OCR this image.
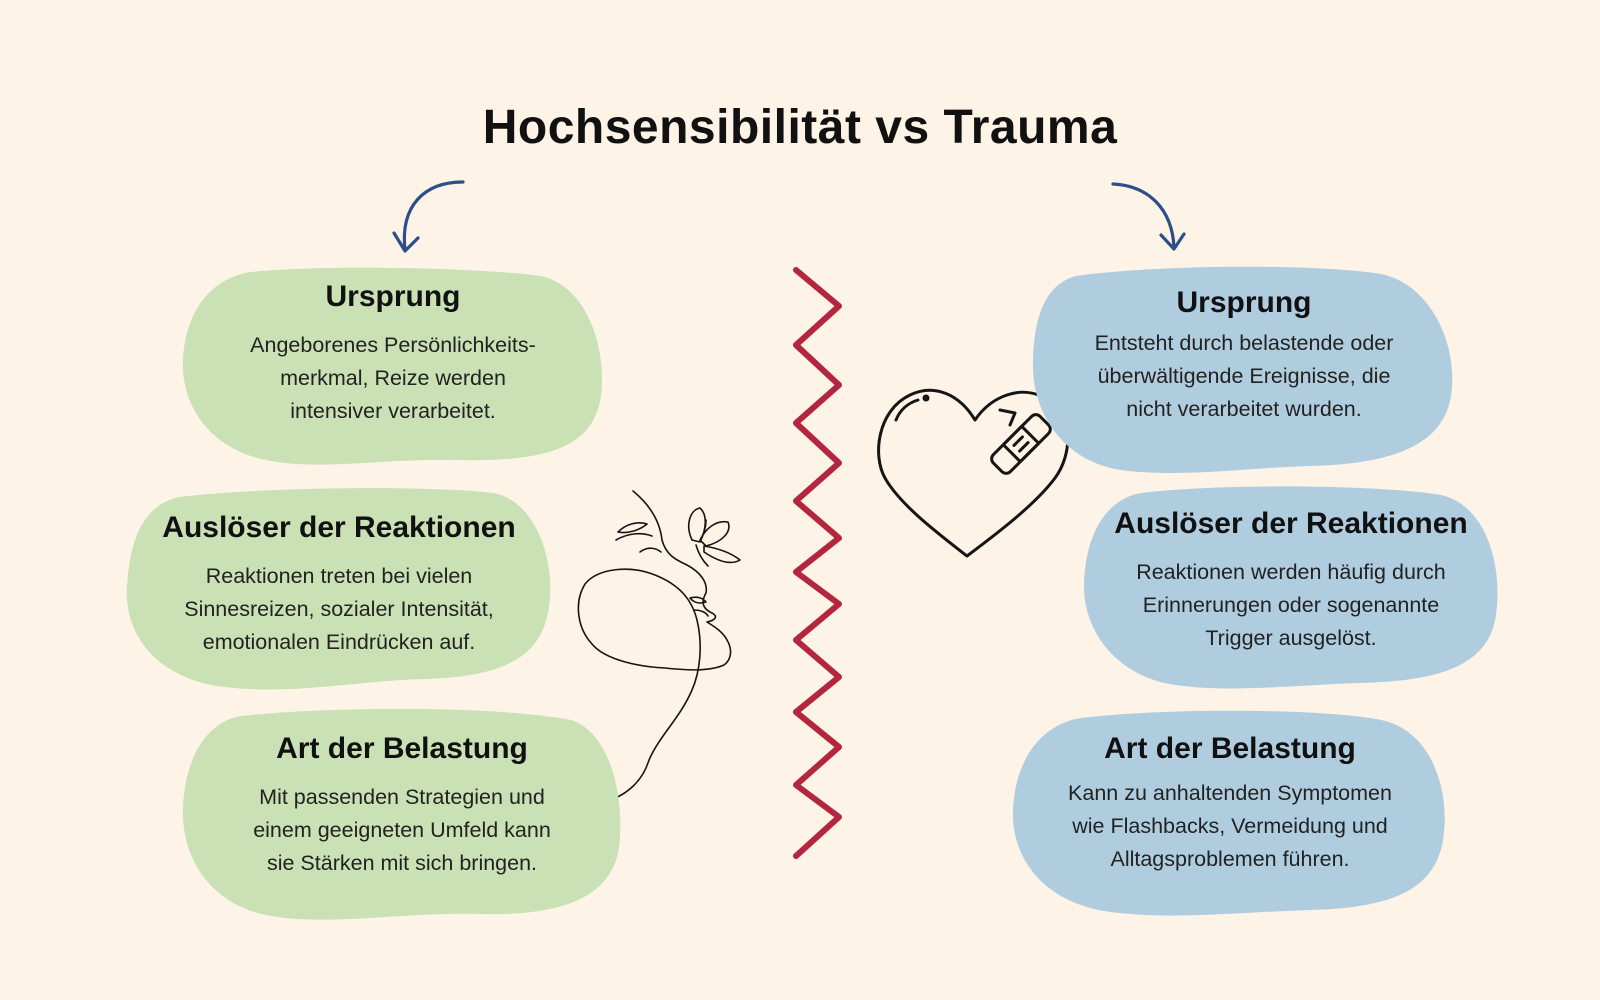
Hochsensibilität vs Trauma
Ursprung
Angeborenes Persönlichkeits-
merkmal, Reize werden
intensiver verarbeitet.
Auslöser der Reaktionen
Reaktionen treten bei vielen
Sinnesreizen, sozialer Intensität,
emotionalen Eindrücken auf.
Art der Belastung
Mit passenden Strategien und
einem geeigneten Umfeld kann
sie Stärken mit sich bringen.
Ursprung
Entsteht durch belastende oder
überwältigende Ereignisse, die
nicht verarbeitet wurden.
Auslöser der Reaktionen
Reaktionen werden häufig durch
Erinnerungen oder sogenannte
Trigger ausgelöst.
Art der Belastung
Kann zu anhaltenden Symptomen
wie Flashbacks, Vermeidung und
Alltagsproblemen führen.
